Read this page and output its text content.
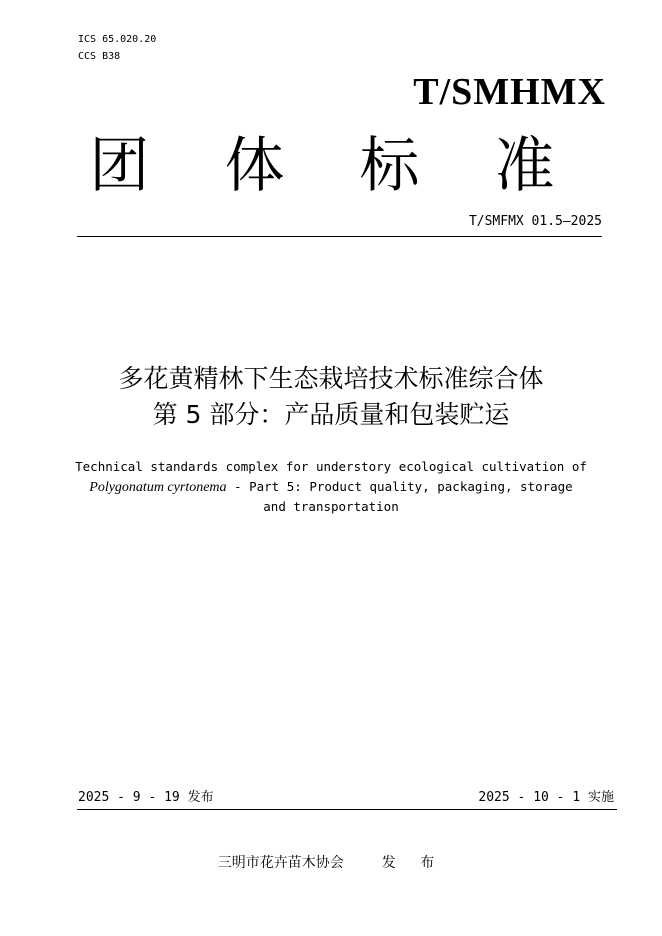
ICS 65.020.20
CCS B38
T/SMHMX
团 体 标 准
T/SMFMX 01.5—2025
多花黄精林下生态栽培技术标准综合体
第 5 部分：产品质量和包装贮运
Technical standards complex for understory ecological cultivation of
Polygonatum cyrtonema - Part 5: Product quality, packaging, storage
and transportation
2025 - 9 - 19 发布	2025 - 10 - 1 实施
三明市花卉苗木协会	发 布
